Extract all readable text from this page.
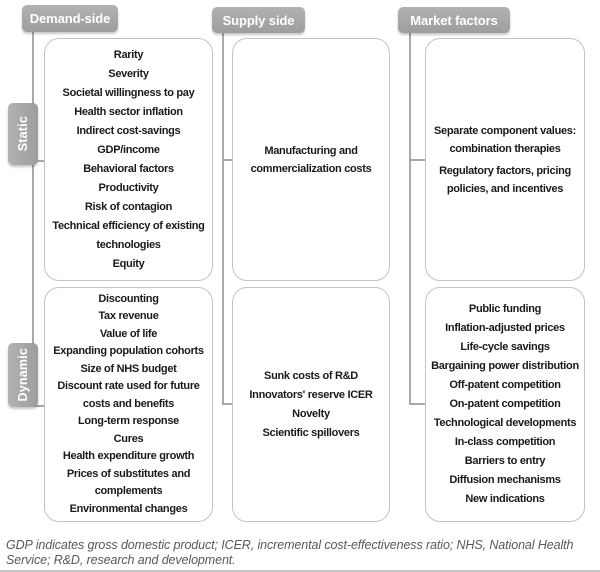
Demand-side	Supply side	Market factors
Static
Dynamic
Rarity
Severity
Societal willingness to pay
Health sector inflation
Indirect cost-savings
GDP/income
Behavioral factors
Productivity
Risk of contagion
Technical efficiency of existing technologies
Equity
Manufacturing and commercialization costs
Separate component values: combination therapies
Regulatory factors, pricing policies, and incentives
Discounting
Tax revenue
Value of life
Expanding population cohorts
Size of NHS budget
Discount rate used for future costs and benefits
Long-term response
Cures
Health expenditure growth
Prices of substitutes and complements
Environmental changes
Sunk costs of R&D
Innovators' reserve ICER
Novelty
Scientific spillovers
Public funding
Inflation-adjusted prices
Life-cycle savings
Bargaining power distribution
Off-patent competition
On-patent competition
Technological developments
In-class competition
Barriers to entry
Diffusion mechanisms
New indications
GDP indicates gross domestic product; ICER, incremental cost-effectiveness ratio; NHS, National Health Service; R&D, research and development.
